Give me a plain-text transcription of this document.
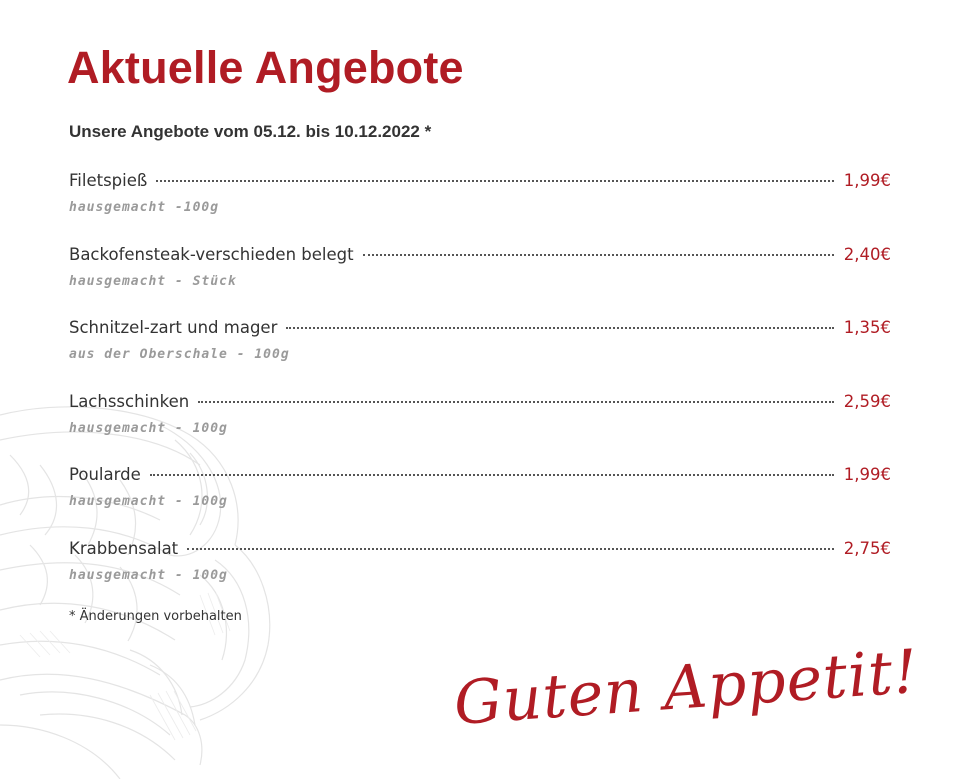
Aktuelle Angebote

Unsere Angebote vom 05.12. bis 10.12.2022 *

Filetspieß	1,99€
hausgemacht -100g
Backofensteak-verschieden belegt	2,40€
hausgemacht - Stück
Schnitzel-zart und mager	1,35€
aus der Oberschale - 100g
Lachsschinken	2,59€
hausgemacht - 100g
Poularde	1,99€
hausgemacht - 100g
Krabbensalat	2,75€
hausgemacht - 100g

* Änderungen vorbehalten

Guten Appetit!
